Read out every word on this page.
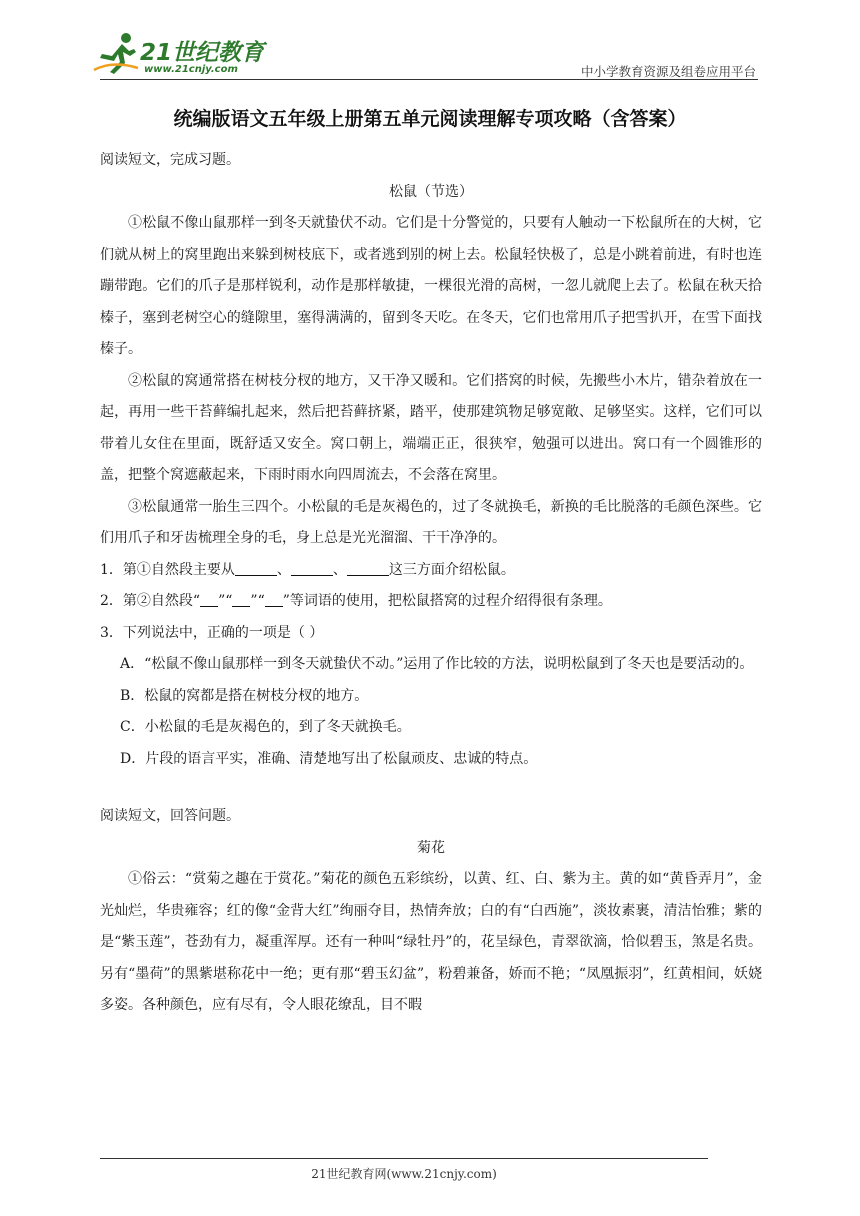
21世纪教育
www.21cnjy.com	中小学教育资源及组卷应用平台
统编版语文五年级上册第五单元阅读理解专项攻略（含答案）

阅读短文，完成习题。

松鼠（节选）

①松鼠不像山鼠那样一到冬天就蛰伏不动。它们是十分警觉的，只要有人触动一下松鼠所在的大树，它们就从树上的窝里跑出来躲到树枝底下，或者逃到别的树上去。松鼠轻快极了，总是小跳着前进，有时也连蹦带跑。它们的爪子是那样锐利，动作是那样敏捷，一棵很光滑的高树，一忽儿就爬上去了。松鼠在秋天拾榛子，塞到老树空心的缝隙里，塞得满满的，留到冬天吃。在冬天，它们也常用爪子把雪扒开，在雪下面找榛子。

②松鼠的窝通常搭在树枝分杈的地方，又干净又暖和。它们搭窝的时候，先搬些小木片，错杂着放在一起，再用一些干苔藓编扎起来，然后把苔藓挤紧，踏平，使那建筑物足够宽敞、足够坚实。这样，它们可以带着儿女住在里面，既舒适又安全。窝口朝上，端端正正，很狭窄，勉强可以进出。窝口有一个圆锥形的盖，把整个窝遮蔽起来，下雨时雨水向四周流去，不会落在窝里。

③松鼠通常一胎生三四个。小松鼠的毛是灰褐色的，过了冬就换毛，新换的毛比脱落的毛颜色深些。它们用爪子和牙齿梳理全身的毛，身上总是光光溜溜、干干净净的。

1．第①自然段主要从	、	、	这三方面介绍松鼠。

2．第②自然段“ ”“ ”“ ”等词语的使用，把松鼠搭窝的过程介绍得很有条理。

3．下列说法中，正确的一项是（ ）

A．“松鼠不像山鼠那样一到冬天就蛰伏不动。”运用了作比较的方法，说明松鼠到了冬天也是要活动的。

B．松鼠的窝都是搭在树枝分杈的地方。

C．小松鼠的毛是灰褐色的，到了冬天就换毛。

D．片段的语言平实，准确、清楚地写出了松鼠顽皮、忠诚的特点。

阅读短文，回答问题。

菊花

①俗云：“赏菊之趣在于赏花。”菊花的颜色五彩缤纷，以黄、红、白、紫为主。黄的如“黄昏弄月”，金光灿烂，华贵雍容；红的像“金背大红”绚丽夺目，热情奔放；白的有“白西施”，淡妆素裹，清洁怡雅；紫的是“紫玉莲”，苍劲有力，凝重浑厚。还有一种叫“绿牡丹”的，花呈绿色，青翠欲滴，恰似碧玉，煞是名贵。另有“墨荷”的黑紫堪称花中一绝；更有那“碧玉幻盆”，粉碧兼备，娇而不艳；“凤凰振羽”，红黄相间，妖娆多姿。各种颜色，应有尽有，令人眼花缭乱，目不暇

21世纪教育网(www.21cnjy.com)
